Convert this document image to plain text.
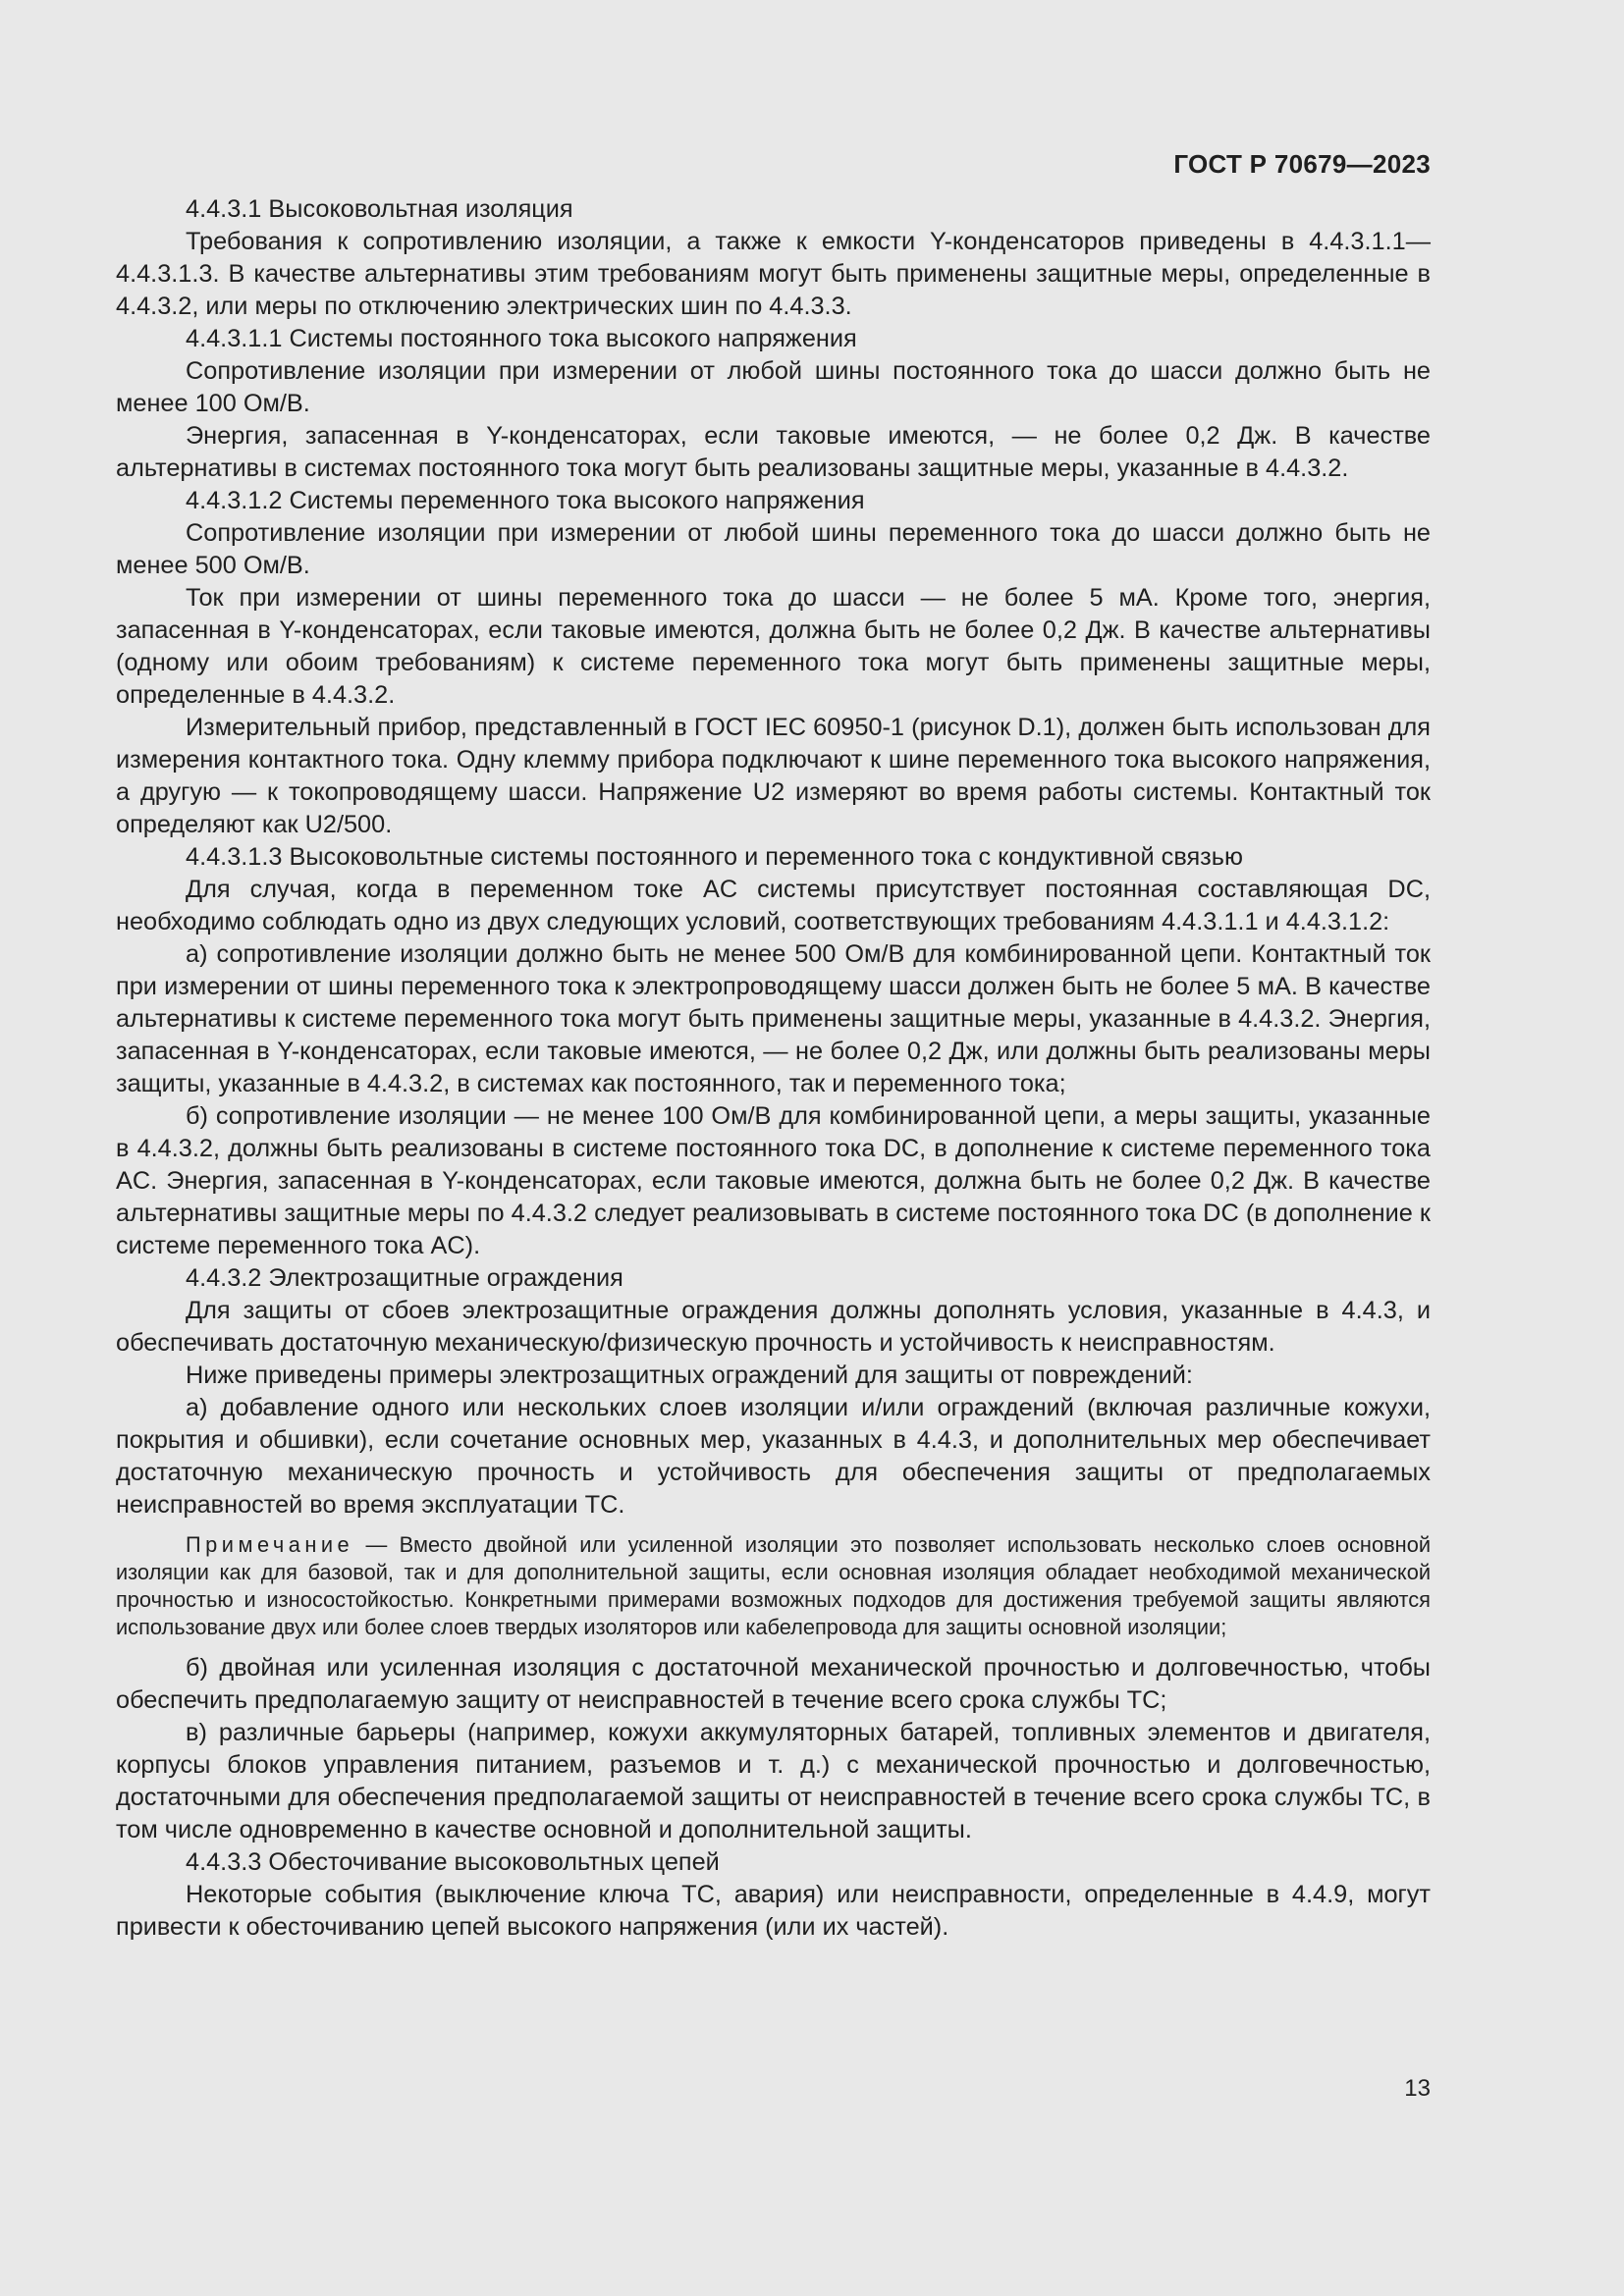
ГОСТ Р 70679—2023

4.4.3.1 Высоковольтная изоляция

Требования к сопротивлению изоляции, а также к емкости Y-конденсаторов приведены в 4.4.3.1.1—4.4.3.1.3. В качестве альтернативы этим требованиям могут быть применены защитные меры, определенные в 4.4.3.2, или меры по отключению электрических шин по 4.4.3.3.

4.4.3.1.1 Системы постоянного тока высокого напряжения

Сопротивление изоляции при измерении от любой шины постоянного тока до шасси должно быть не менее 100 Ом/В.

Энергия, запасенная в Y-конденсаторах, если таковые имеются, — не более 0,2 Дж. В качестве альтернативы в системах постоянного тока могут быть реализованы защитные меры, указанные в 4.4.3.2.

4.4.3.1.2 Системы переменного тока высокого напряжения

Сопротивление изоляции при измерении от любой шины переменного тока до шасси должно быть не менее 500 Ом/В.

Ток при измерении от шины переменного тока до шасси — не более 5 мА. Кроме того, энергия, запасенная в Y-конденсаторах, если таковые имеются, должна быть не более 0,2 Дж. В качестве альтернативы (одному или обоим требованиям) к системе переменного тока могут быть применены защитные меры, определенные в 4.4.3.2.

Измерительный прибор, представленный в ГОСТ IEC 60950-1 (рисунок D.1), должен быть использован для измерения контактного тока. Одну клемму прибора подключают к шине переменного тока высокого напряжения, а другую — к токопроводящему шасси. Напряжение U2 измеряют во время работы системы. Контактный ток определяют как U2/500.

4.4.3.1.3 Высоковольтные системы постоянного и переменного тока с кондуктивной связью

Для случая, когда в переменном токе AC системы присутствует постоянная составляющая DC, необходимо соблюдать одно из двух следующих условий, соответствующих требованиям 4.4.3.1.1 и 4.4.3.1.2:

а) сопротивление изоляции должно быть не менее 500 Ом/В для комбинированной цепи. Контактный ток при измерении от шины переменного тока к электропроводящему шасси должен быть не более 5 мА. В качестве альтернативы к системе переменного тока могут быть применены защитные меры, указанные в 4.4.3.2. Энергия, запасенная в Y-конденсаторах, если таковые имеются, — не более 0,2 Дж, или должны быть реализованы меры защиты, указанные в 4.4.3.2, в системах как постоянного, так и переменного тока;

б) сопротивление изоляции — не менее 100 Ом/В для комбинированной цепи, а меры защиты, указанные в 4.4.3.2, должны быть реализованы в системе постоянного тока DC, в дополнение к системе переменного тока AC. Энергия, запасенная в Y-конденсаторах, если таковые имеются, должна быть не более 0,2 Дж. В качестве альтернативы защитные меры по 4.4.3.2 следует реализовывать в системе постоянного тока DC (в дополнение к системе переменного тока AC).

4.4.3.2 Электрозащитные ограждения

Для защиты от сбоев электрозащитные ограждения должны дополнять условия, указанные в 4.4.3, и обеспечивать достаточную механическую/физическую прочность и устойчивость к неисправностям.

Ниже приведены примеры электрозащитных ограждений для защиты от повреждений:

а) добавление одного или нескольких слоев изоляции и/или ограждений (включая различные кожухи, покрытия и обшивки), если сочетание основных мер, указанных в 4.4.3, и дополнительных мер обеспечивает достаточную механическую прочность и устойчивость для обеспечения защиты от предполагаемых неисправностей во время эксплуатации ТС.

Примечание — Вместо двойной или усиленной изоляции это позволяет использовать несколько слоев основной изоляции как для базовой, так и для дополнительной защиты, если основная изоляция обладает необходимой механической прочностью и износостойкостью. Конкретными примерами возможных подходов для достижения требуемой защиты являются использование двух или более слоев твердых изоляторов или кабелепровода для защиты основной изоляции;

б) двойная или усиленная изоляция с достаточной механической прочностью и долговечностью, чтобы обеспечить предполагаемую защиту от неисправностей в течение всего срока службы ТС;

в) различные барьеры (например, кожухи аккумуляторных батарей, топливных элементов и двигателя, корпусы блоков управления питанием, разъемов и т. д.) с механической прочностью и долговечностью, достаточными для обеспечения предполагаемой защиты от неисправностей в течение всего срока службы ТС, в том числе одновременно в качестве основной и дополнительной защиты.

4.4.3.3 Обесточивание высоковольтных цепей

Некоторые события (выключение ключа ТС, авария) или неисправности, определенные в 4.4.9, могут привести к обесточиванию цепей высокого напряжения (или их частей).

13
